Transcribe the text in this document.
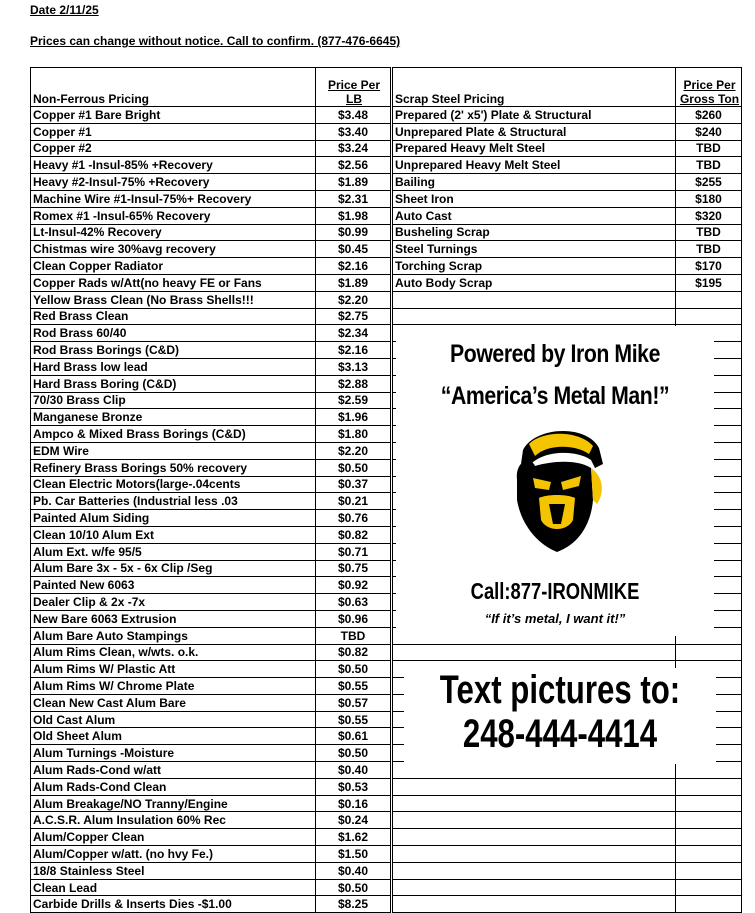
Date 2/11/25
Prices can change without notice. Call to confirm. (877-476-6645)
Non-Ferrous Pricing	Price Per
LB

Copper #1 Bare Bright	$3.48
Copper #1	$3.40
Copper #2	$3.24
Heavy #1 -Insul-85% +Recovery	$2.56
Heavy #2-Insul-75% +Recovery	$1.89
Machine Wire #1-Insul-75%+ Recovery	$2.31
Romex #1 -Insul-65% Recovery	$1.98
Lt-Insul-42% Recovery	$0.99
Chistmas wire 30%avg recovery	$0.45
Clean Copper Radiator	$2.16
Copper Rads w/Att(no heavy FE or Fans	$1.89
Yellow Brass Clean (No Brass Shells!!!	$2.20
Red Brass Clean	$2.75
Rod Brass 60/40	$2.34
Rod Brass Borings (C&D)	$2.16
Hard Brass low lead	$3.13
Hard Brass Boring (C&D)	$2.88
70/30 Brass Clip	$2.59
Manganese Bronze	$1.96
Ampco & Mixed Brass Borings (C&D)	$1.80
EDM Wire	$2.20
Refinery Brass Borings 50% recovery	$0.50
Clean Electric Motors(large-.04cents	$0.37
Pb. Car Batteries (Industrial less .03	$0.21
Painted Alum Siding	$0.76
Clean 10/10 Alum Ext	$0.82
Alum Ext. w/fe 95/5	$0.71
Alum Bare 3x - 5x - 6x Clip /Seg	$0.75
Painted New 6063	$0.92
Dealer Clip & 2x -7x	$0.63
New Bare 6063 Extrusion	$0.96
Alum Bare Auto Stampings	TBD
Alum Rims Clean, w/wts. o.k.	$0.82
Alum Rims W/ Plastic Att	$0.50
Alum Rims W/ Chrome Plate	$0.55
Clean New Cast Alum Bare	$0.57
Old Cast Alum	$0.55
Old Sheet Alum	$0.61
Alum Turnings -Moisture	$0.50
Alum Rads-Cond w/att	$0.40
Alum Rads-Cond Clean	$0.53
Alum Breakage/NO Tranny/Engine	$0.16
A.C.S.R. Alum Insulation 60% Rec	$0.24
Alum/Copper Clean	$1.62
Alum/Copper w/att. (no hvy Fe.)	$1.50
18/8 Stainless Steel	$0.40
Clean Lead	$0.50
Carbide Drills & Inserts Dies -$1.00	$8.25
Scrap Steel Pricing	Price Per
Gross Ton

Prepared (2' x5') Plate & Structural	$260
Unprepared Plate & Structural	$240
Prepared Heavy Melt Steel	TBD
Unprepared Heavy Melt Steel	TBD
Bailing	$255
Sheet Iron	$180
Auto Cast	$320
Busheling Scrap	TBD
Steel Turnings	TBD
Torching Scrap	$170
Auto Body Scrap	$195

Powered by Iron Mike
“America’s Metal Man!”
Call:877-IRONMIKE
“If it’s metal, I want it!”
Text pictures to:
248-444-4414
